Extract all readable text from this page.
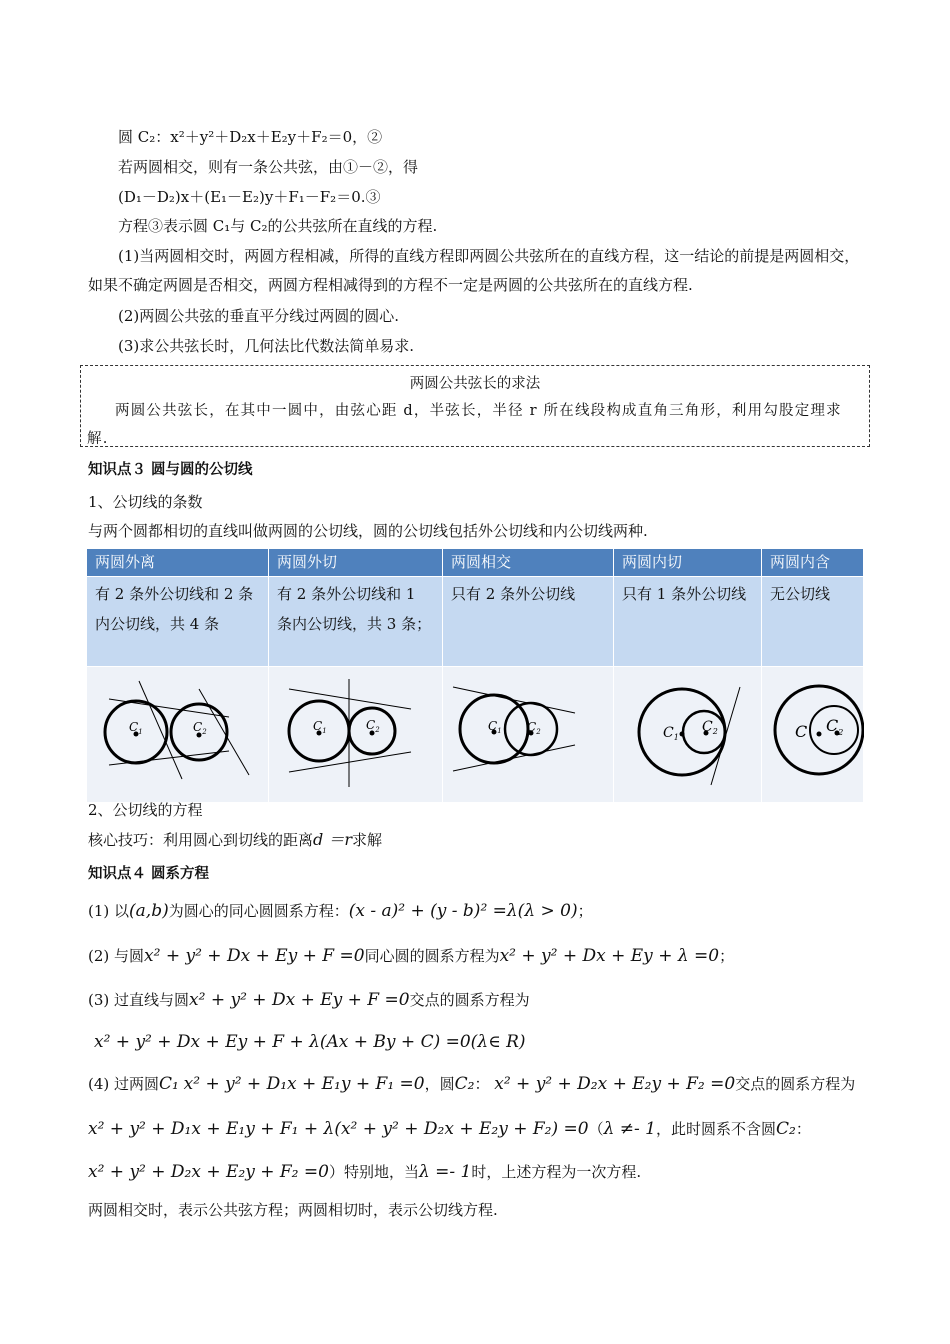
圆 C₂：x²＋y²＋D₂x＋E₂y＋F₂＝0，②
若两圆相交，则有一条公共弦，由①－②，得
(D₁－D₂)x＋(E₁－E₂)y＋F₁－F₂＝0.③
方程③表示圆 C₁与 C₂的公共弦所在直线的方程.
(1)当两圆相交时，两圆方程相减，所得的直线方程即两圆公共弦所在的直线方程，这一结论的前提是两圆相交，如果不确定两圆是否相交，两圆方程相减得到的方程不一定是两圆的公共弦所在的直线方程.
(2)两圆公共弦的垂直平分线过两圆的圆心.
(3)求公共弦长时，几何法比代数法简单易求.
两圆公共弦长的求法
两圆公共弦长，在其中一圆中，由弦心距 d，半弦长，半径 r 所在线段构成直角三角形，利用勾股定理求解.
知识点３ 圆与圆的公切线
1、公切线的条数
与两个圆都相切的直线叫做两圆的公切线，圆的公切线包括外公切线和内公切线两种.
两圆外离	两圆外切	两圆相交	两圆内切	两圆内含
有 2 条外公切线和 2 条内公切线，共 4 条	有 2 条外公切线和 1 条内公切线，共 3 条；	只有 2 条外公切线	只有 1 条外公切线	无公切线

$C_1$ $C_2$	$C_1$ $C_2$	$C_1$ $C_2$	$C_1$
$C_2$	C $C_2$
2、公切线的方程
核心技巧：利用圆心到切线的距离d ＝r求解
知识点４ 圆系方程
(1) 以(a,b)为圆心的同心圆圆系方程：(x - a)² + (y - b)² =λ(λ > 0)；
(2) 与圆x² + y² + Dx + Ey + F =0同心圆的圆系方程为x² + y² + Dx + Ey + λ =0；
(3) 过直线与圆x² + y² + Dx + Ey + F =0交点的圆系方程为
x² + y² + Dx + Ey + F + λ(Ax + By + C) =0(λ∈ R)
(4) 过两圆C₁ x² + y² + D₁x + E₁y + F₁ =0，圆C₂： x² + y² + D₂x + E₂y + F₂ =0交点的圆系方程为
x² + y² + D₁x + E₁y + F₁ + λ(x² + y² + D₂x + E₂y + F₂) =0（λ ≠- 1，此时圆系不含圆C₂：
x² + y² + D₂x + E₂y + F₂ =0）特别地，当λ =- 1时，上述方程为一次方程.
两圆相交时，表示公共弦方程；两圆相切时，表示公切线方程.
